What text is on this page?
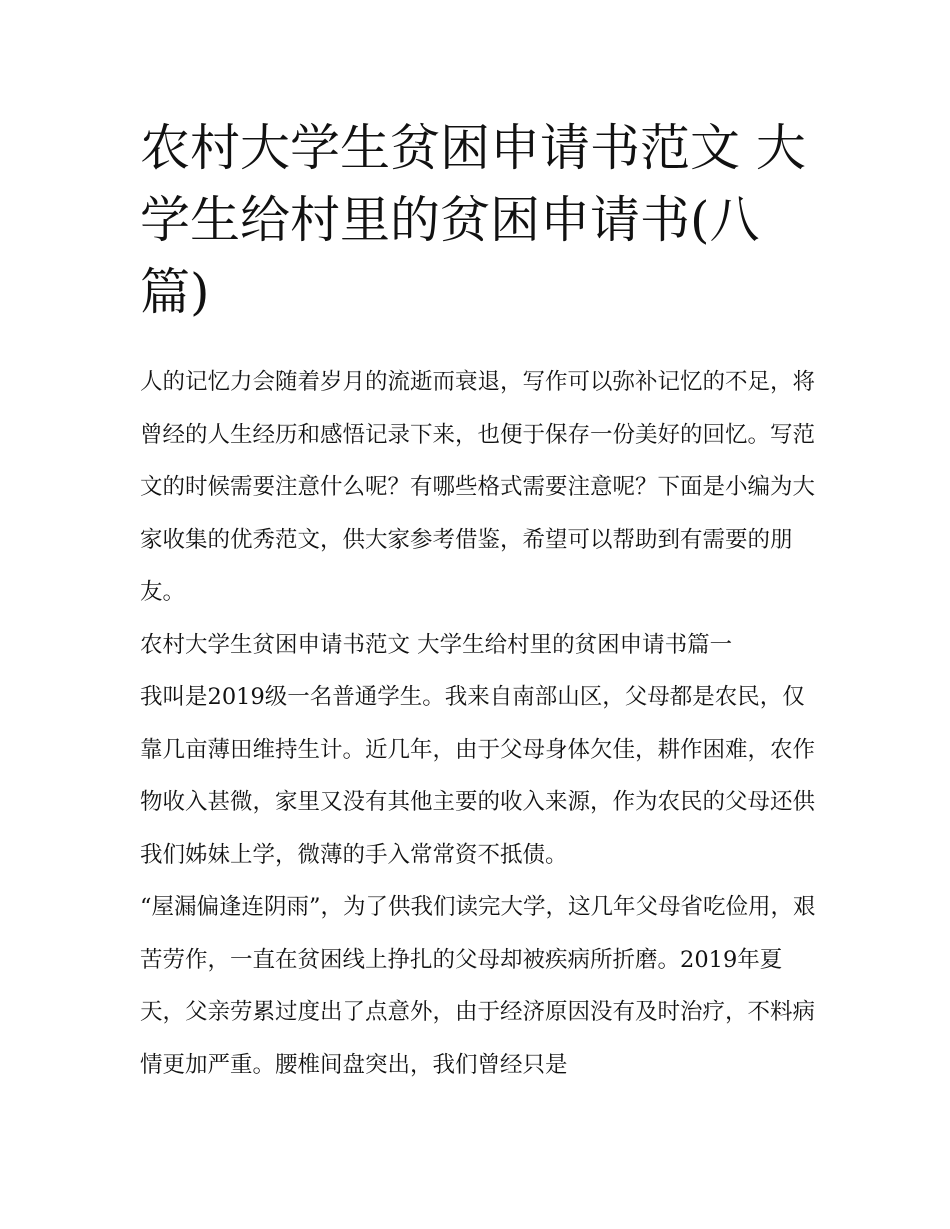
农村大学生贫困申请书范文 大学生给村里的贫困申请书(八篇)

人的记忆力会随着岁月的流逝而衰退，写作可以弥补记忆的不足，将曾经的人生经历和感悟记录下来，也便于保存一份美好的回忆。写范文的时候需要注意什么呢？有哪些格式需要注意呢？下面是小编为大家收集的优秀范文，供大家参考借鉴，希望可以帮助到有需要的朋友。

农村大学生贫困申请书范文 大学生给村里的贫困申请书篇一

我叫是2019级一名普通学生。我来自南部山区，父母都是农民，仅靠几亩薄田维持生计。近几年，由于父母身体欠佳，耕作困难，农作物收入甚微，家里又没有其他主要的收入来源，作为农民的父母还供我们姊妹上学，微薄的手入常常资不抵债。

“屋漏偏逢连阴雨”，为了供我们读完大学，这几年父母省吃俭用，艰苦劳作，一直在贫困线上挣扎的父母却被疾病所折磨。2019年夏天，父亲劳累过度出了点意外，由于经济原因没有及时治疗，不料病情更加严重。腰椎间盘突出，我们曾经只是
